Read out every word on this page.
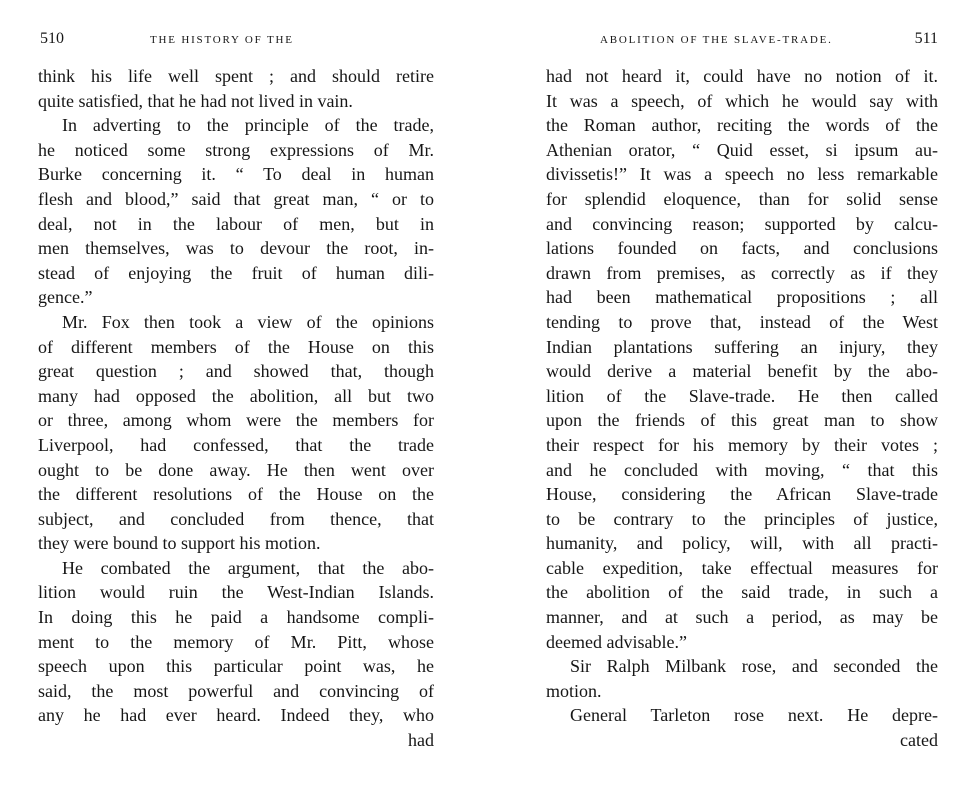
510	THE HISTORY OF THE
think his life well spent ; and should retire
quite satisfied, that he had not lived in vain.
In adverting to the principle of the trade,
he noticed some strong expressions of Mr.
Burke concerning it. “ To deal in human
flesh and blood,” said that great man, “ or to
deal, not in the labour of men, but in
men themselves, was to devour the root, in-
stead of enjoying the fruit of human dili-
gence.”
Mr. Fox then took a view of the opinions
of different members of the House on this
great question ; and showed that, though
many had opposed the abolition, all but two
or three, among whom were the members for
Liverpool, had confessed, that the trade
ought to be done away. He then went over
the different resolutions of the House on the
subject, and concluded from thence, that
they were bound to support his motion.
He combated the argument, that the abo-
lition would ruin the West-Indian Islands.
In doing this he paid a handsome compli-
ment to the memory of Mr. Pitt, whose
speech upon this particular point was, he
said, the most powerful and convincing of
any he had ever heard. Indeed they, who
had
ABOLITION OF THE SLAVE-TRADE.	511
had not heard it, could have no notion of it.
It was a speech, of which he would say with
the Roman author, reciting the words of the
Athenian orator, “ Quid esset, si ipsum au-
divissetis!” It was a speech no less remarkable
for splendid eloquence, than for solid sense
and convincing reason; supported by calcu-
lations founded on facts, and conclusions
drawn from premises, as correctly as if they
had been mathematical propositions ; all
tending to prove that, instead of the West
Indian plantations suffering an injury, they
would derive a material benefit by the abo-
lition of the Slave-trade. He then called
upon the friends of this great man to show
their respect for his memory by their votes ;
and he concluded with moving, “ that this
House, considering the African Slave-trade
to be contrary to the principles of justice,
humanity, and policy, will, with all practi-
cable expedition, take effectual measures for
the abolition of the said trade, in such a
manner, and at such a period, as may be
deemed advisable.”
Sir Ralph Milbank rose, and seconded the
motion.
General Tarleton rose next. He depre-
cated
